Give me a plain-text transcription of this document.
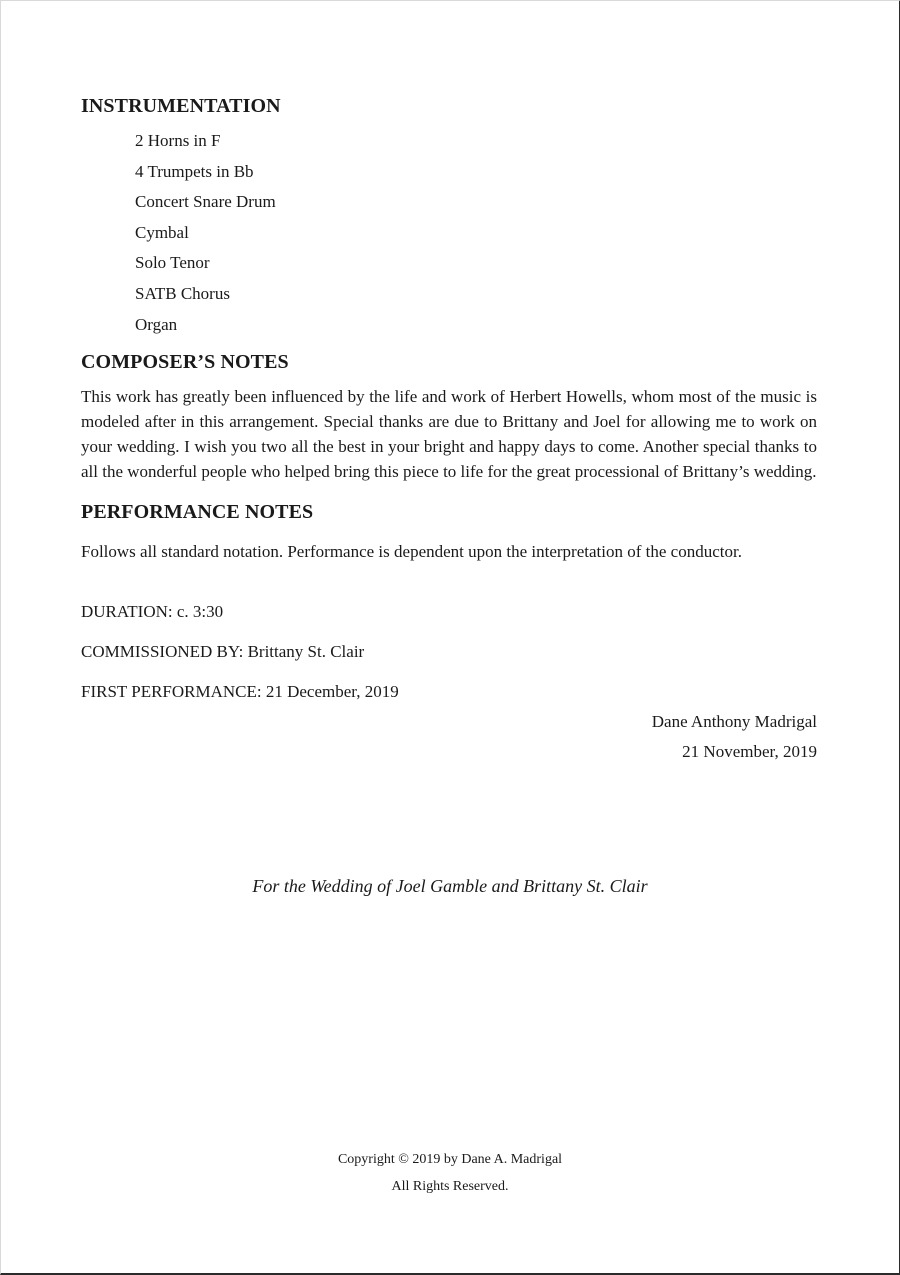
INSTRUMENTATION
2 Horns in F
4 Trumpets in Bb
Concert Snare Drum
Cymbal
Solo Tenor
SATB Chorus
Organ
COMPOSER’S NOTES

This work has greatly been influenced by the life and work of Herbert Howells, whom most of the music is modeled after in this arrangement. Special thanks are due to Brittany and Joel for allowing me to work on your wedding. I wish you two all the best in your bright and happy days to come. Another special thanks to all the wonderful people who helped bring this piece to life for the great processional of Brittany’s wedding.

PERFORMANCE NOTES

Follows all standard notation. Performance is dependent upon the interpretation of the conductor.

DURATION: c. 3:30

COMMISSIONED BY: Brittany St. Clair

FIRST PERFORMANCE: 21 December, 2019

Dane Anthony Madrigal
21 November, 2019
For the Wedding of Joel Gamble and Brittany St. Clair
Copyright © 2019 by Dane A. Madrigal
All Rights Reserved.
